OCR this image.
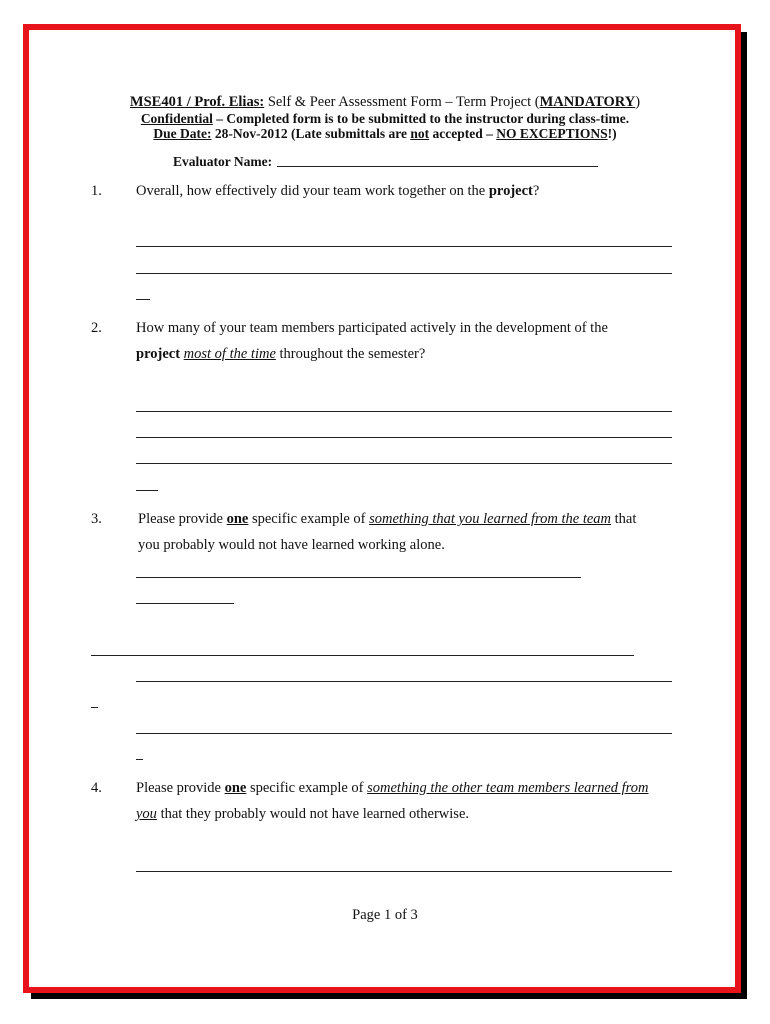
MSE401 / Prof. Elias: Self & Peer Assessment Form – Term Project (MANDATORY)
Confidential – Completed form is to be submitted to the instructor during class-time.
Due Date: 28-Nov-2012 (Late submittals are not accepted – NO EXCEPTIONS!)
Evaluator Name:
1. Overall, how effectively did your team work together on the project?
2. How many of your team members participated actively in the development of the
project most of the time throughout the semester?
3. Please provide one specific example of something that you learned from the team that
you probably would not have learned working alone.
4. Please provide one specific example of something the other team members learned from
you that they probably would not have learned otherwise.
Page 1 of 3
